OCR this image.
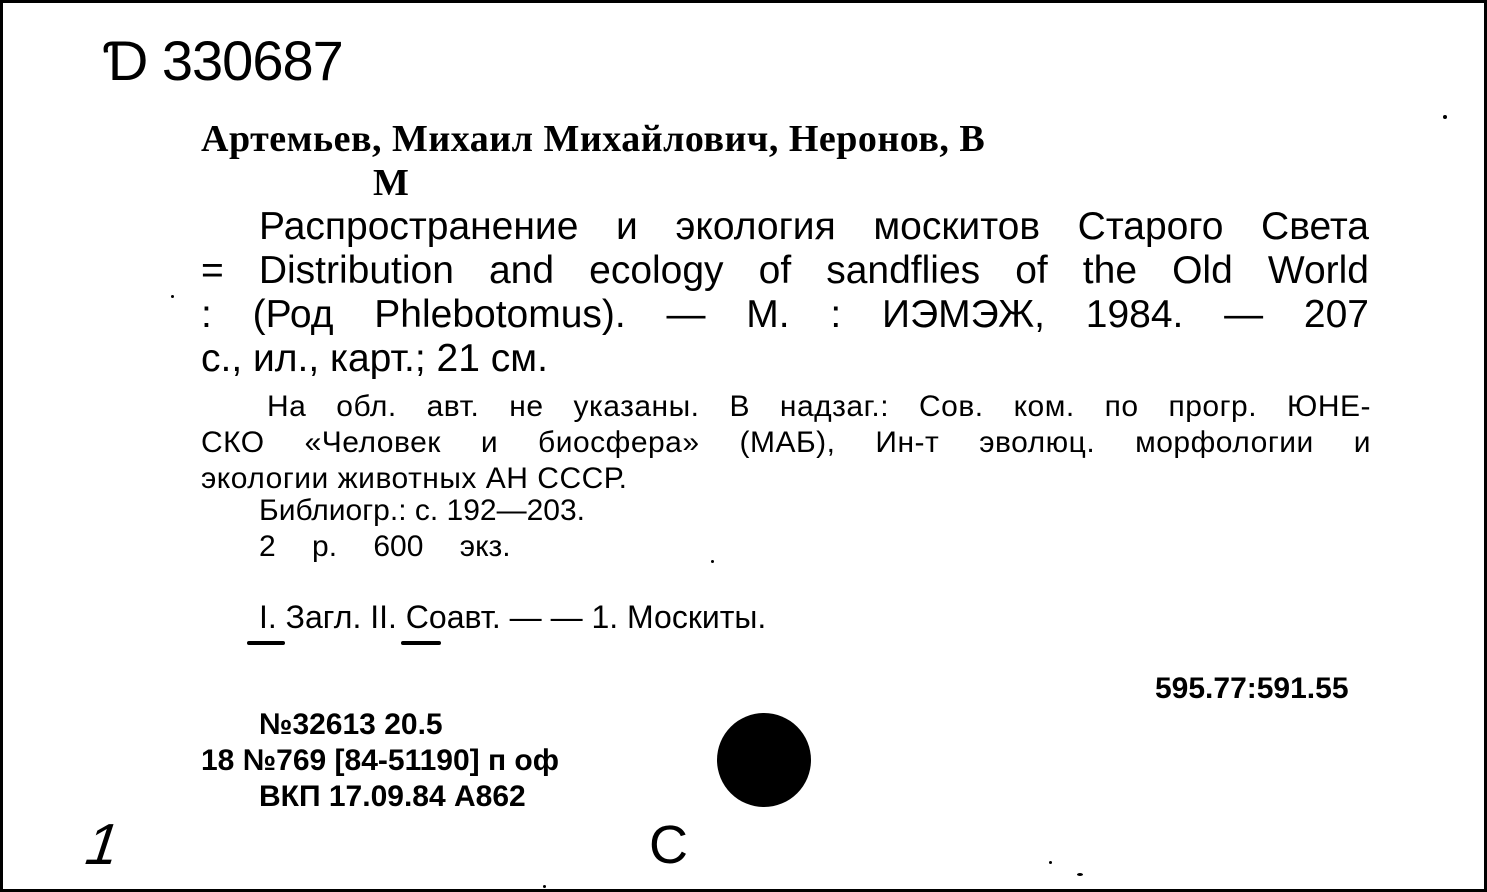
Ɗ 330687
Артемьев, Михаил Михайлович, Неронов, В
М
Распространение и экология москитов Старого Света
= Distribution and ecology of sandflies of the Old World
: (Род Phlebotomus). — М. : ИЭМЭЖ, 1984. — 207
с., ил., карт.; 21 см.
На обл. авт. не указаны. В надзаг.: Сов. ком. по прогр. ЮНЕ-
СКО «Человек и биосфера» (МАБ), Ин-т эволюц. морфологии и
экологии животных АН СССР.
Библиогр.: с. 192—203.
2 р. 600 экз.
I. Загл. II. Соавт. — — 1. Москиты.
595.77:591.55
№32613 20.5
18 №769 [84-51190] п оф
ВКП 17.09.84 А862
1	С
